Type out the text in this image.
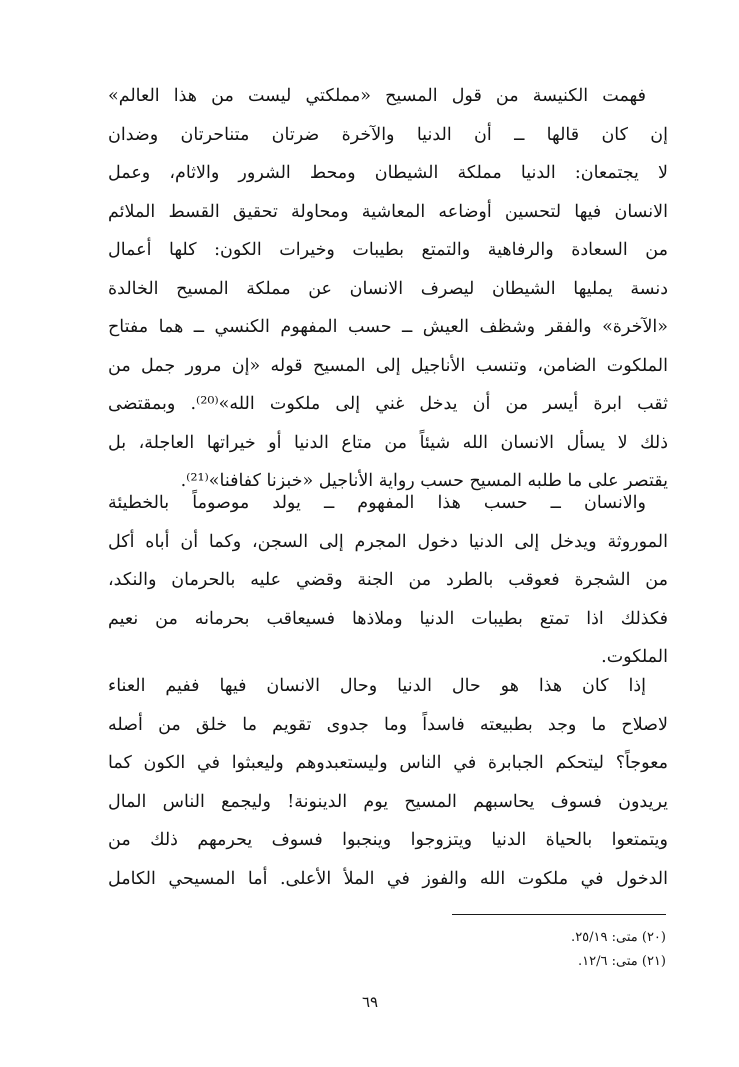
فهمت الكنيسة من قول المسيح «مملكتي ليست من هذا العالم»
إن كان قالها ــ أن الدنيا والآخرة ضرتان متناحرتان وضدان
لا يجتمعان: الدنيا مملكة الشيطان ومحط الشرور والاثام، وعمل
الانسان فيها لتحسين أوضاعه المعاشية ومحاولة تحقيق القسط الملائم
من السعادة والرفاهية والتمتع بطيبات وخيرات الكون: كلها أعمال
دنسة يمليها الشيطان ليصرف الانسان عن مملكة المسيح الخالدة
«الآخرة» والفقر وشظف العيش ــ حسب المفهوم الكنسي ــ هما مفتاح
الملكوت الضامن، وتنسب الأناجيل إلى المسيح قوله «إن مرور جمل من
ثقب ابرة أيسر من أن يدخل غني إلى ملكوت الله»⁽²⁰⁾. وبمقتضى
ذلك لا يسأل الانسان الله شيئاً من متاع الدنيا أو خيراتها العاجلة، بل
يقتصر على ما طلبه المسيح حسب رواية الأناجيل «خبزنا كفافنا»⁽²¹⁾.
والانسان ــ حسب هذا المفهوم ــ يولد موصوماً بالخطيئة
الموروثة ويدخل إلى الدنيا دخول المجرم إلى السجن، وكما أن أباه أكل
من الشجرة فعوقب بالطرد من الجنة وقضي عليه بالحرمان والنكد،
فكذلك اذا تمتع بطيبات الدنيا وملاذها فسيعاقب بحرمانه من نعيم
الملكوت.
إذا كان هذا هو حال الدنيا وحال الانسان فيها ففيم العناء
لاصلاح ما وجد بطبيعته فاسداً وما جدوى تقويم ما خلق من أصله
معوجاً؟ ليتحكم الجبابرة في الناس وليستعبدوهم وليعبثوا في الكون كما
يريدون فسوف يحاسبهم المسيح يوم الدينونة! وليجمع الناس المال
ويتمتعوا بالحياة الدنيا ويتزوجوا وينجبوا فسوف يحرمهم ذلك من
الدخول في ملكوت الله والفوز في الملأ الأعلى. أما المسيحي الكامل
(٢٠) متى: ٢٥/١٩.
(٢١) متى: ١٢/٦.
٦٩
